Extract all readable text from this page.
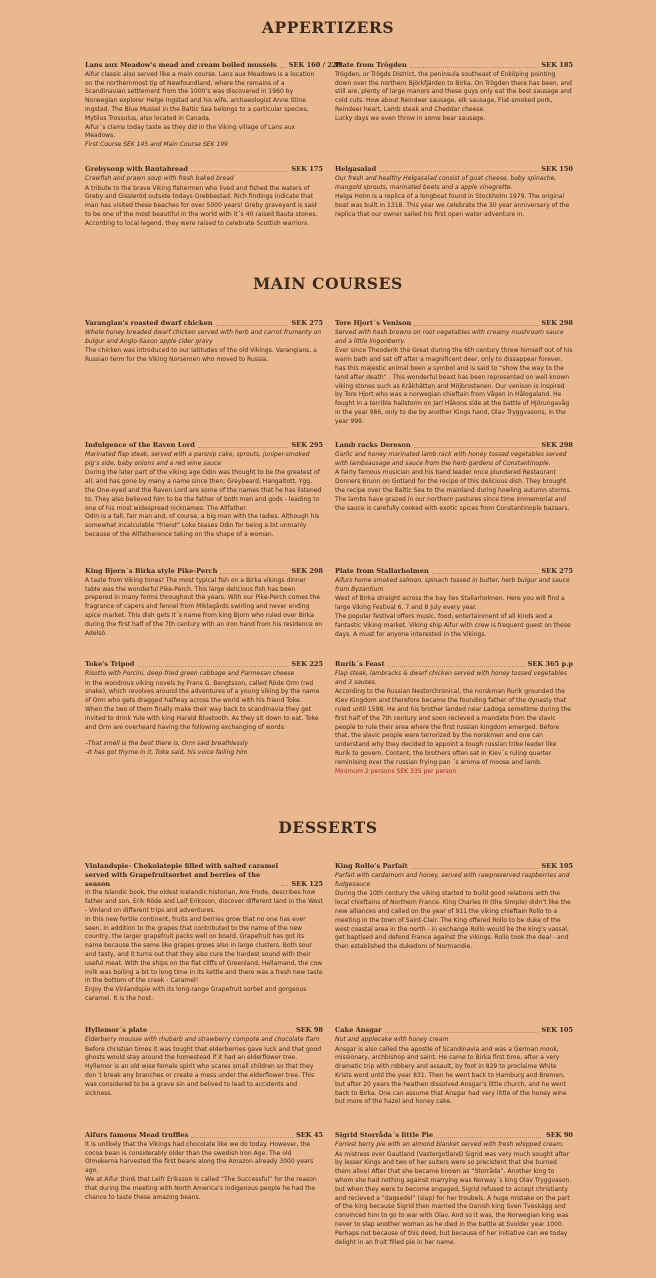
APPERTIZERS
Lans aux Meadow's mead and cream boiled mussels SEK 160 / 220

Aifur classic also served like a main course. Lans aux Meadows is a location on the northernmost tip of Newfoundland, where the remains of a Scandinavian settlement from the 1000’s was discovered in 1960 by Norwegian explorer Helge Ingstad and his wife, archaeologist Anne Stine Ingstad. The Blue Mussel in the Baltic Sea belongs to a particular species, Mytilus Trossulus, also located in Canada.

Aifur´s clams today taste as they did in the Viking village of Lans aux Meadows.

First Course SEK 145 and Main Course SEK 199

Plate from Trögden	SEK 185

Trögden, or Trögds District, the peninsula southeast of Enköping pointing down over the northern Björkfjärden to Birka. On Trögden there has been, and still are, plenty of large manors and these guys only eat the best sausage and cold cuts. How about Reindeer sausage, elk sausage, Flat-smoked pork, Reindeer heart, Lamb steak and Cheddar cheese.

Lucky days we even throw in some bear sausage.

Grebysoup with Bautabread	SEK 175
Crawfish and prawn soup with fresh baked bread

A tribute to the brave Viking fishermen who lived and fished the waters of Greby and Gissleröd outside todays Grebbestad. Rich findings indicate that man has visited these beaches for over 5000 years! Greby graveyard is said to be one of the most beautiful in the world with it´s 40 raised Bauta stones. According to local legend, they were raised to celebrate Scottish warriors.

Helgasalad	SEK 150
Our fresh and healthy Helgasalad consist of goat cheese, baby spinache, mangold sprouts, marinated beets and a apple vinegrette.

Helga Holm is a replica of a longboat found in Stockholm 1979. The original boat was built in 1318. This year we celebrate the 30 year anniversery of the replica that our owner sailed his first open water adventure in.

MAIN COURSES
Varangian's roasted dwarf chicken	SEK 275
Whole honey breaded dwarf chicken served with herb and carrot frumenty on bulgur and Anglo-Saxon apple cider gravy

The chicken was introduced to our latitudes of the old Vikings. Varangians, a Russian term for the Viking Norsemen who moved to Russia.

Tore Hjort´s Venison	SEK 298
Served with hash browns on root vegetables with creamy mushroom sauce and a little lingonberry.

Ever since Theoderik the Great during the 6th century threw himself out of his warm bath and set off after a magnificent deer, only to dissappear forever, has this majestic animal been a symbol and is said to “show the way to the land after death” . This wonderful beast has been represented on well known viking stones such as Kråkhättan and Möjbrostenen. Our venison is inspired by Tore Hjort who was a norwegian chieftain from Vågen in Hålogaland. He fought in a terrible hailstorm on Jarl Håkons side at the battle of Hjörungavåg in the year 986, only to die by another Kings hand, Olav Tryggvasons, in the year 999.

Indulgence of the Raven Lord	SEK 295
Marinated flap steak, served with a parsnip cake, sprouts, juniper-smoked pig’s side, baby onions and a red wine sauce

During the later part of the viking age Odin was thought to be the greatest of all, and has gone by many a name since then; Greybeard, Hangaltott, Ygg, the One-eyed and the Raven Lord are some of the names that he has listened to. They also believed him to be the father of both men and gods - leading to one of his most widespread nicknames: The Allfather.

Odin is a tall, fair man and, of course, a big man with the ladies. Although his somewhat incalculable “friend” Loke teases Odin for being a bit unmanly because of the Allfatherence taking on the shape of a woman.

Lamb racks Dereson	SEK 298
Garlic and honey marinated lamb rack with honey tossed vegetables served with lambsausage and sauce from the herb gardens of Constantinople.

A fairly famous musician and his band leader once plundered Restaurant Donners Brunn on Gotland for the recipe of this delicious dish. They brought the recipe over the Baltic Sea to the mainland during howling autumn storms.

The lambs have grazed in our northern pastures since time immemorial and the sauce is carefully cooked with exotic spices from Constantinople bazaars.

King Bjorn´s Birka style Pike-Perch	SEK 298

A taste from Viking times! The most typical fish on a Birka vikings dinner table was the wonderful Pike-Perch. This large delicious fish has been prepered in many forms throughout the years. With our Pike-Perch comes the fragrance of capers and fennel from Miklagårds swirling and never ending spice market. This dish gets it´s name from king Bjorn who ruled over Birka during the first half of the 7th century with an iron hand from his residence on Adelsö.

Plate from Stallarholmen	SEK 275
Aifurs home smoked salmon, spinach tossed in butter, herb bulgur and sauce from Byzantium

West of Birka straight across the bay lies Stallarholmen. Here you will find a large Viking Festival 6, 7 and 8 July every year.

The popular festival offers music, food, entertainment of all kinds and a fantastic Viking market. Viking ship Aifur with crew is frequent guest on these days. A must for anyone interested in the Vikings.

Toke's Tripod	SEK 225
Risotto with Porcini, deep-fried green cabbage and Parmesan cheese

In the wondrous viking novels by Frans G. Bengtsson, called Röde Orm (red snake), which revolves around the adventures of a young viking by the name of Orm who gets dragged halfway across the world with his friend Toke.

When the two of them finally make their way back to scandinavia they get invited to drink Yule with king Harald Bluetooth. As they sit down to eat, Toke and Orm are overheard having the following exchanging of words:

–That smell is the best there is, Orm said breathlessly

–It has got thyme in it, Toke said, his voice failing him

Rurik´s Feast	SEK 365 p.p
Flap steak, lambracks & dwarf chicken served with honey tossed vegetables and 3 sauses.

According to the Russian Nestorchronical, the norskman Rurik grounded the Kiev Kingdom and therefore became the founding father of the dynasty that ruled until 1598. He and his brother landed near Ladoga sometime during the first half of the 7th century and soon recieved a mandate from the slavic people to rule their area where the first russian kingdom emerged. Before that, the slavic people were terrorized by the norskmen and one can understand why they decided to appoint a tough russian tribe leader like Rurik to govern. Content, the brothers often sat in Kiev´s ruling quarter reminising over the russian frying pan ´s aroma of moose and lamb.

Minimum 2 persons SEK 335 per person

DESSERTS
Vinlandspie- Chokolatepie filled with salted caramel served with Grapefruitsorbet and berries of the season	SEK 125

In the Islandic book, the oldest Icelandic historian, Are Frode, describes how father and son, Erik Röde and Leif Eriksson, discover different land in the West - Vinland on different trips and adventures.

In this new fertile continent, fruits and berries grow that no one has ever seen. In addition to the grapes that contributed to the name of the new country, the larger grapefruit packs well on board. Grapefruit has got its name because the same like grapes grows also in large clusters. Both sour and tasty, and it turns out that they also cure the hardest sound with their useful meat. With the ships on the flat cliffs of Greenland, Hellamand, the cow milk was boiling a bit to long time in its kettle and there was a fresh new taste in the bottom of the creek - Caramel!

Enjoy the Vinlandspie with its long-range Grapefruit sorbet and gorgeous caramel. It is the host.

King Rollo’s Parfait	SEK 105
Parfait with cardamom and honey, served with rawpreserved raspberries and fudgesauce

During the 10th century the viking started to build good relations with the local chieftains of Northern France. King Charles III (the Simple) didn’t like the new alliances and called on the year of 911 the viking chieftain Rollo to a meeting in the town of Saint-Clair. The King offered Rollo to be duke of the west coastal area in the north - in exchange Rollo would be the king’s vassal, get baptised and defend France against the vikings. Rollo took the deal - and then established the dukedom of Normandie.

Hyllemor´s plate	SEK 98
Elderberry mousse with rhubarb and strawberry compote and chocolate flarn

Before christian times it was tought that elderberries gave luck and that good ghosts would stay around the homestead if it had an elderflower tree. Hyllemor is an old wise female spirit who scares small children so that they don´t break any branches or create a mess under the elderflower tree. This was considered to be a grave sin and belived to lead to accidents and sickness.

Cake Ansgar	SEK 105
Nut and applecake with honey cream

Ansgar is also called the apostle of Scandinavia and was a German monk, missionary, archbishop and saint. He came to Birka first time, after a very dramatic trip with robbery and assault, by foot in 829 to proclaime White Krists word until the year 831. Then he went back to Hamburg and Bremen, but after 20 years the heathen dissolved Ansgar’s little church, and he went back to Birka. One can assume that Ansgar had very little of the honey wine but more of the hazel and honey cake.

Aifurs famous Mead truffles	SEK 45

It is unlikely that the Vikings had chocolate like we do today. However, the cocoa bean is considerably older than the swedish Iron Age. The old Olmekerna harvested the first beans along the Amazon already 3000 years ago.

We at Aifur think that Leifr Eriksson is called “The Successful” for the reason that during the meeting with North America’s indigenous people he had the chance to taste these amazing beans.

Sigrid Storråda´s little Pie	SEK 90
Forrest berry pie with an almond blanket served with fresh whipped cream.

As mistress over Gautland (Vastergotland) Sigrid was very much sought after by lesser Kings and two of her suiters were so precistent that she burned them alive! After that she became known as “Storråda”. Another king to whom she had nothing against marrying was Norway´s king Olav Tryggvason, but when they were to become engaged, Sigrid refused to accept christianty and recieved a ”dagsedel” (slap) for her troubels. A huge mistake on the part of the king because Sigrid then married the Danish king Sven Tveskägg and convinced him to go to war with Olav. And so it was, the Norwegian king was never to slap another woman as he died in the battle at Svolder year 1000. Perhaps not because of this deed, but because of her initiative can we today delight in an fruit filled pie in her name.
